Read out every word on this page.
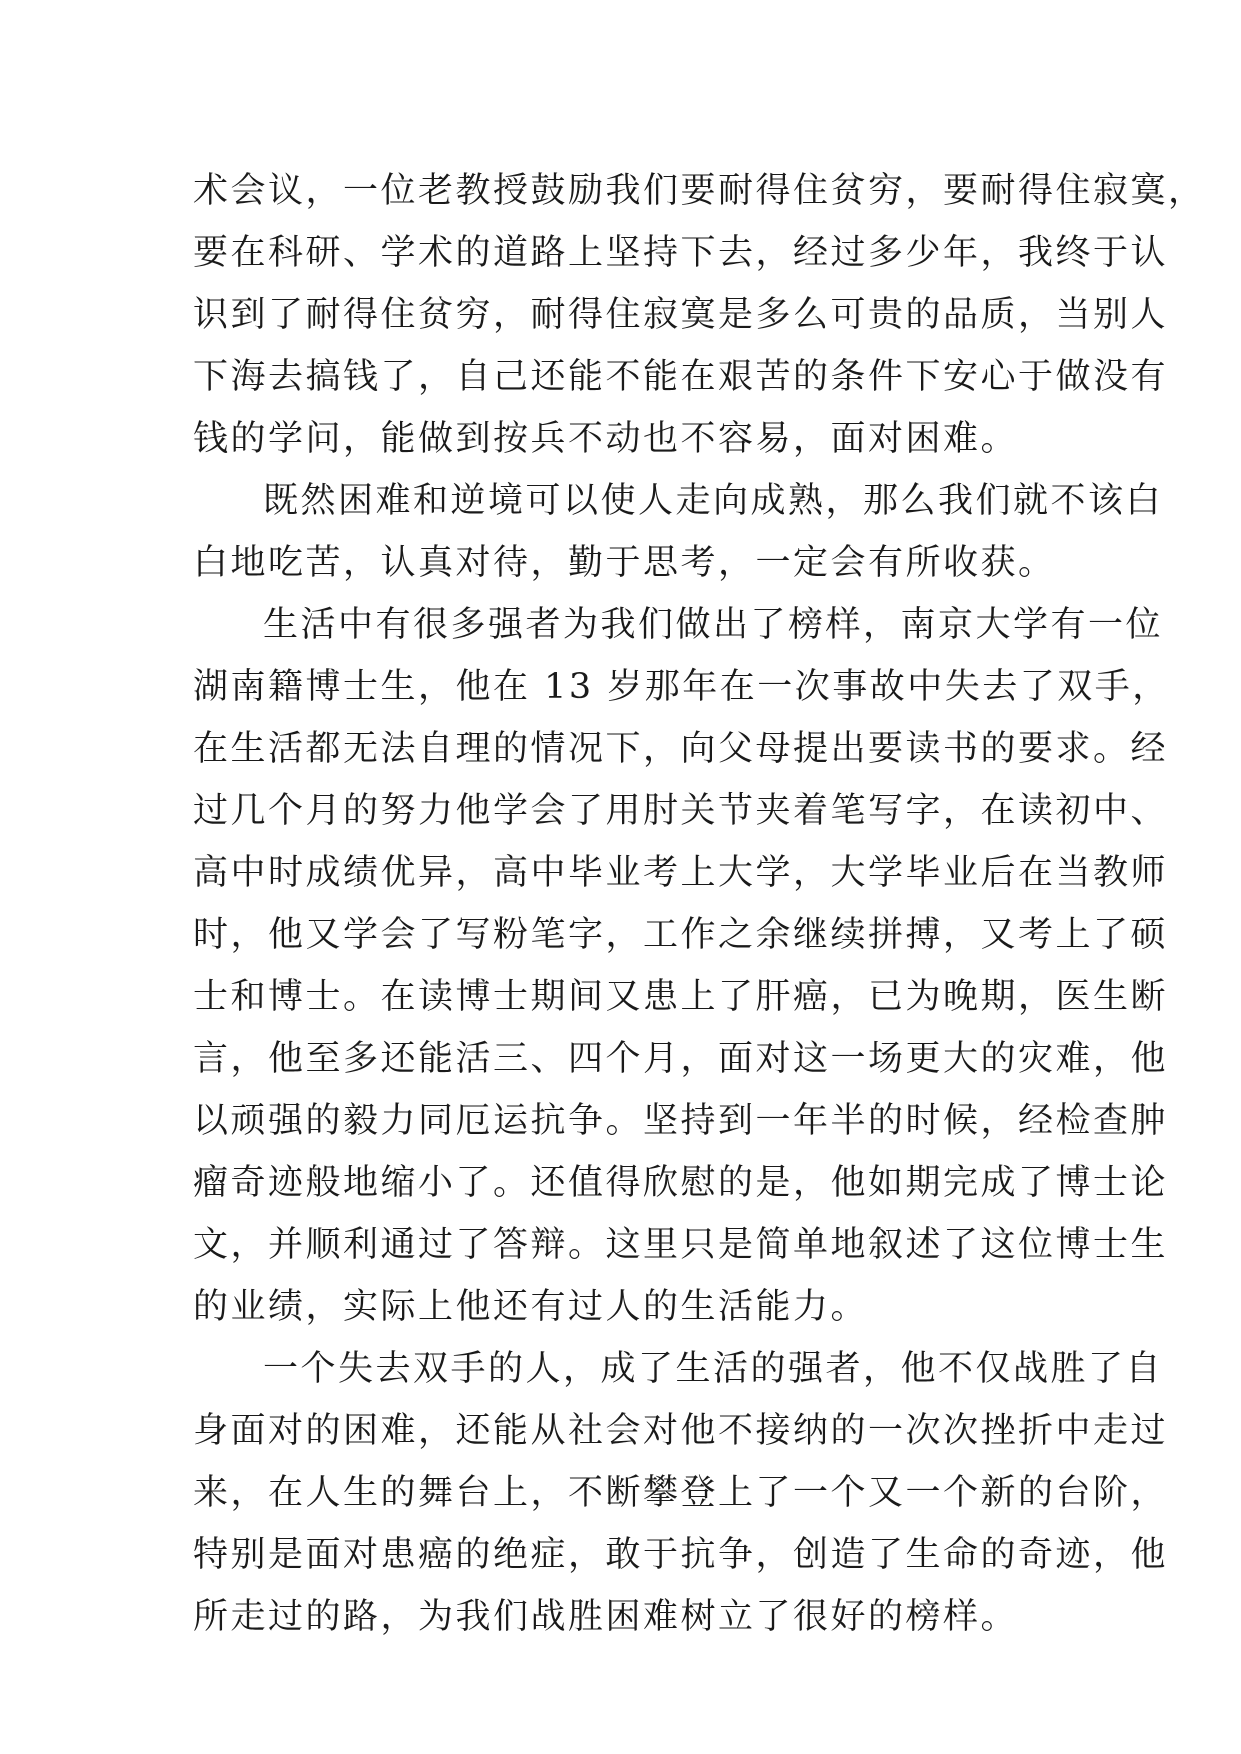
术会议，一位老教授鼓励我们要耐得住贫穷，要耐得住寂寞，
要在科研、学术的道路上坚持下去，经过多少年，我终于认
识到了耐得住贫穷，耐得住寂寞是多么可贵的品质，当别人
下海去搞钱了，自己还能不能在艰苦的条件下安心于做没有
钱的学问，能做到按兵不动也不容易，面对困难。
既然困难和逆境可以使人走向成熟，那么我们就不该白
白地吃苦，认真对待，勤于思考，一定会有所收获。
生活中有很多强者为我们做出了榜样，南京大学有一位
湖南籍博士生，他在 13 岁那年在一次事故中失去了双手，
在生活都无法自理的情况下，向父母提出要读书的要求。经
过几个月的努力他学会了用肘关节夹着笔写字，在读初中、
高中时成绩优异，高中毕业考上大学，大学毕业后在当教师
时，他又学会了写粉笔字，工作之余继续拼搏，又考上了硕
士和博士。在读博士期间又患上了肝癌，已为晚期，医生断
言，他至多还能活三、四个月，面对这一场更大的灾难，他
以顽强的毅力同厄运抗争。坚持到一年半的时候，经检查肿
瘤奇迹般地缩小了。还值得欣慰的是，他如期完成了博士论
文，并顺利通过了答辩。这里只是简单地叙述了这位博士生
的业绩，实际上他还有过人的生活能力。
一个失去双手的人，成了生活的强者，他不仅战胜了自
身面对的困难，还能从社会对他不接纳的一次次挫折中走过
来，在人生的舞台上，不断攀登上了一个又一个新的台阶，
特别是面对患癌的绝症，敢于抗争，创造了生命的奇迹，他
所走过的路，为我们战胜困难树立了很好的榜样。
